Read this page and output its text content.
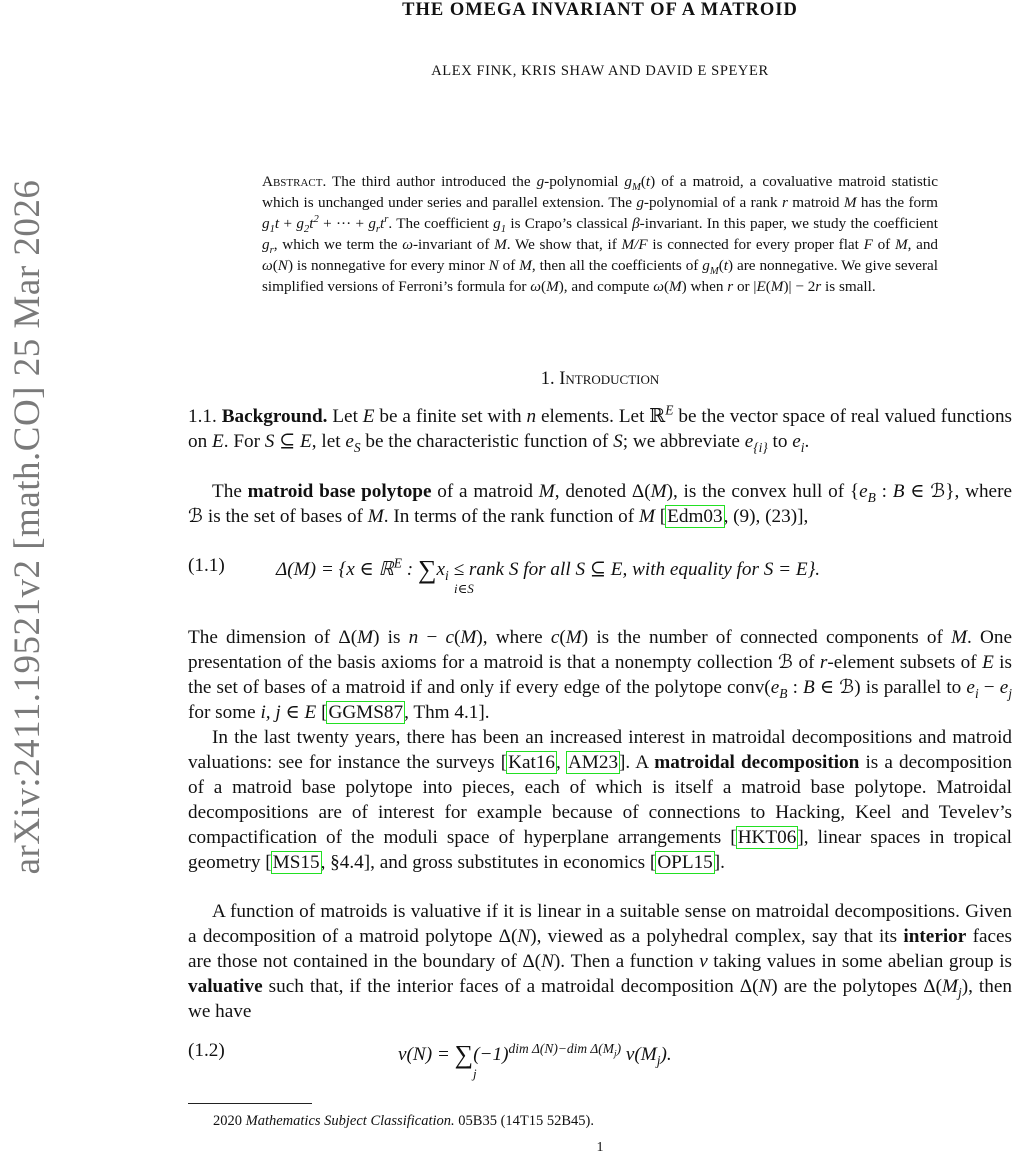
arXiv:2411.19521v2 [math.CO] 25 Mar 2026
THE OMEGA INVARIANT OF A MATROID
ALEX FINK, KRIS SHAW AND DAVID E SPEYER
Abstract. The third author introduced the g-polynomial $g_M(t)$ of a matroid, a covaluative matroid statistic which is unchanged under series and parallel extension. The g-polynomial of a rank r matroid M has the form $g_1t + g_2t^2$ + ··· + $g_rt^r$. The coefficient $g_1$ is Crapo’s classical β-invariant. In this paper, we study the coefficient $g_r$, which we term the ω-invariant of M. We show that, if M/F is connected for every proper flat F of M, and ω(N) is nonnegative for every minor N of M, then all the coefficients of $g_M(t)$ are nonnegative. We give several simplified versions of Ferroni’s formula for ω(M), and compute ω(M) when r or |E(M)| − 2r is small.
1. Introduction
1.1. Background. Let E be a finite set with n elements. Let ℝ$^E$ be the vector space of real valued functions on E. For S ⊆ E, let $e_S$ be the characteristic function of S; we abbreviate $e_{\{i\}}$ to $e_i$.
The matroid base polytope of a matroid M, denoted Δ(M), is the convex hull of {$e_B$ : B ∈ ℬ}, where ℬ is the set of bases of M. In terms of the rank function of M [Edm03, (9), (23)],
(1.1)	Δ(M) = {x ∈ ℝ$^E$ : $\sum x_i$ ≤ rank S for all S ⊆ E, with equality for S = E}.
i∈S
The dimension of Δ(M) is n − c(M), where c(M) is the number of connected components of M. One presentation of the basis axioms for a matroid is that a nonempty collection ℬ of r-element subsets of E is the set of bases of a matroid if and only if every edge of the polytope $conv(e_B$ : B ∈ ℬ) is parallel to $e_i - e_j$ for some i, j ∈ E [GGMS87, Thm 4.1].
In the last twenty years, there has been an increased interest in matroidal decompositions and matroid valuations: see for instance the surveys [Kat16, AM23]. A matroidal decomposition is a decomposition of a matroid base polytope into pieces, each of which is itself a matroid base polytope. Matroidal decompositions are of interest for example because of connections to Hacking, Keel and Tevelev’s compactification of the moduli space of hyperplane arrangements [HKT06], linear spaces in tropical geometry [MS15, §4.4], and gross substitutes in economics [OPL15].
A function of matroids is valuative if it is linear in a suitable sense on matroidal decompositions. Given a decomposition of a matroid polytope Δ(N), viewed as a polyhedral complex, say that its interior faces are those not contained in the boundary of Δ(N). Then a function v taking values in some abelian group is valuative such that, if the interior faces of a matroidal decomposition Δ(N) are the polytopes $\Delta(M_j)$, then we have
(1.2)	$v(N) = \sum(-1)^{dim \Delta(N)-dim \Delta(M_j)}$ $v(M_j)$.
j
2020 Mathematics Subject Classification. 05B35 (14T15 52B45).
1
